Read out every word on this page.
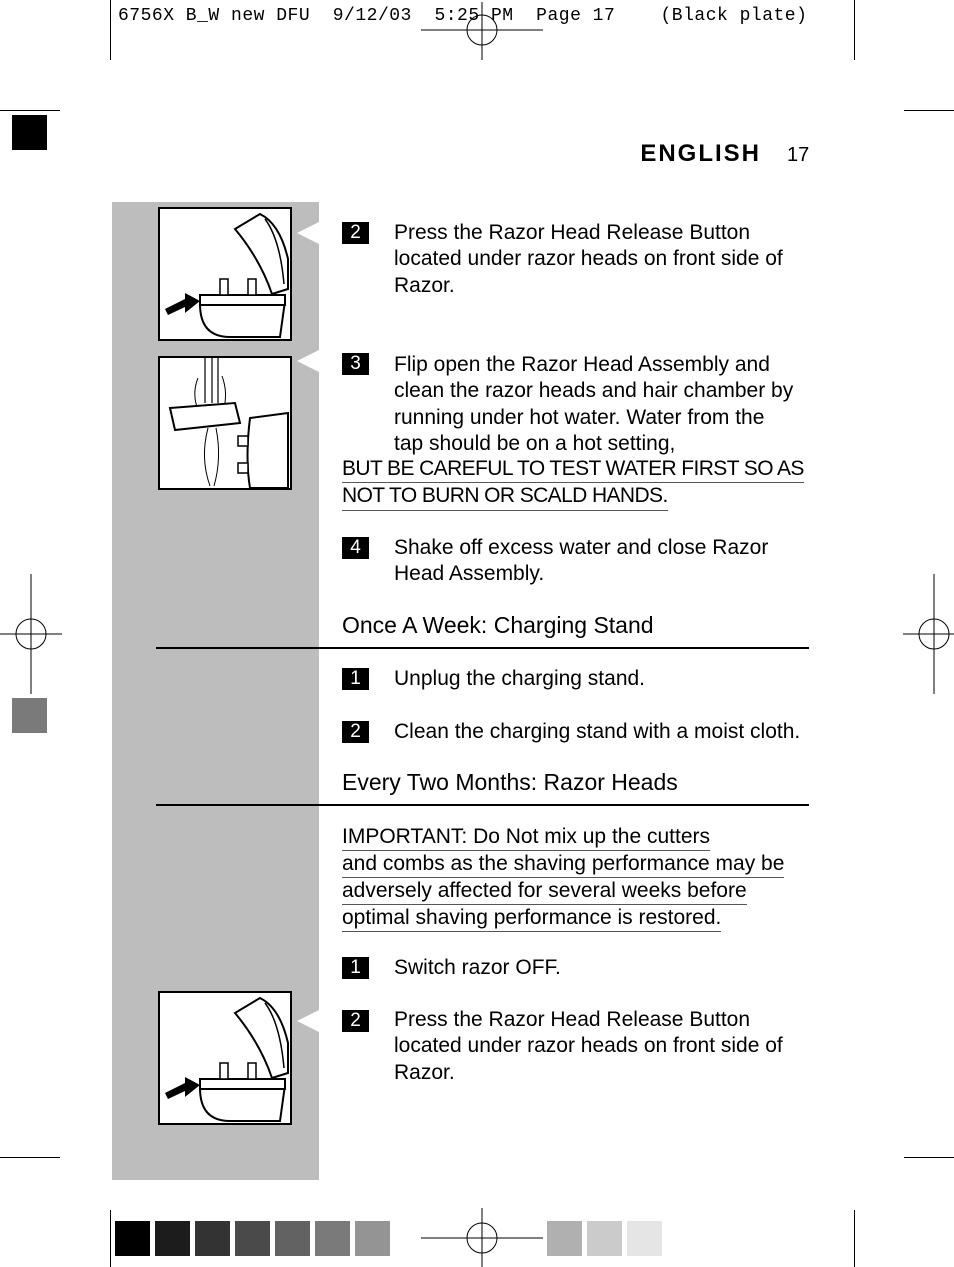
6756X B_W new DFU  9/12/03  5:25 PM  Page 17    (Black plate)
ENGLISH 17
2	Press the Razor Head Release Button
located under razor heads on front side of
Razor.
3	Flip open the Razor Head Assembly and
clean the razor heads and hair chamber by
running under hot water. Water from the
tap should be on a hot setting,
BUT BE CAREFUL TO TEST WATER FIRST SO AS
NOT TO BURN OR SCALD HANDS.
4	Shake off excess water and close Razor
Head Assembly.
Once A Week: Charging Stand
1	Unplug the charging stand.
2	Clean the charging stand with a moist cloth.
Every Two Months: Razor Heads
IMPORTANT: Do Not mix up the cutters
and combs as the shaving performance may be
adversely affected for several weeks before
optimal shaving performance is restored.
1	Switch razor OFF.
2	Press the Razor Head Release Button
located under razor heads on front side of
Razor.
